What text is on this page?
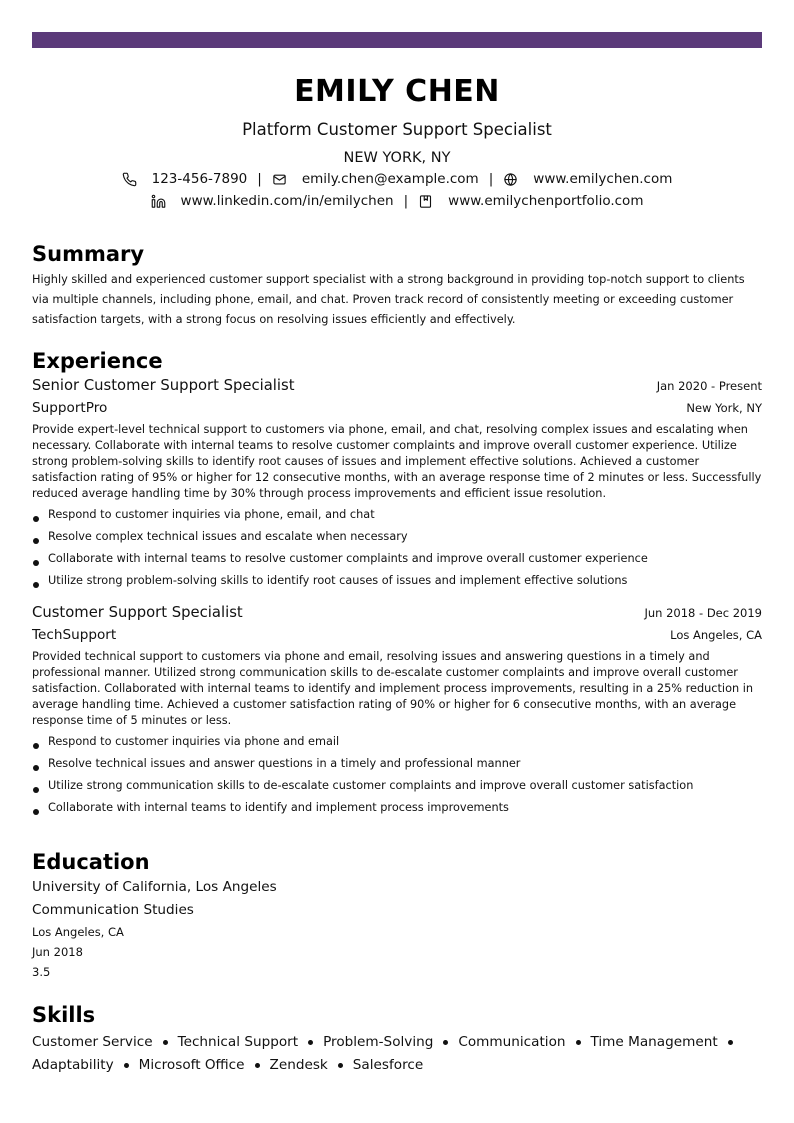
EMILY CHEN
Platform Customer Support Specialist
NEW YORK, NY
123-456-7890 |	emily.chen@example.com |	www.emilychen.com
www.linkedin.com/in/emilychen |	www.emilychenportfolio.com
Summary
Highly skilled and experienced customer support specialist with a strong background in providing top-notch support to clients via multiple channels, including phone, email, and chat. Proven track record of consistently meeting or exceeding customer satisfaction targets, with a strong focus on resolving issues efficiently and effectively.
Experience
Senior Customer Support Specialist	Jan 2020 - Present
SupportPro	New York, NY
Provide expert-level technical support to customers via phone, email, and chat, resolving complex issues and escalating when necessary. Collaborate with internal teams to resolve customer complaints and improve overall customer experience. Utilize strong problem-solving skills to identify root causes of issues and implement effective solutions. Achieved a customer satisfaction rating of 95% or higher for 12 consecutive months, with an average response time of 2 minutes or less. Successfully reduced average handling time by 30% through process improvements and efficient issue resolution.
Respond to customer inquiries via phone, email, and chat
Resolve complex technical issues and escalate when necessary
Collaborate with internal teams to resolve customer complaints and improve overall customer experience
Utilize strong problem-solving skills to identify root causes of issues and implement effective solutions
Customer Support Specialist	Jun 2018 - Dec 2019
TechSupport	Los Angeles, CA
Provided technical support to customers via phone and email, resolving issues and answering questions in a timely and professional manner. Utilized strong communication skills to de-escalate customer complaints and improve overall customer satisfaction. Collaborated with internal teams to identify and implement process improvements, resulting in a 25% reduction in average handling time. Achieved a customer satisfaction rating of 90% or higher for 6 consecutive months, with an average response time of 5 minutes or less.
Respond to customer inquiries via phone and email
Resolve technical issues and answer questions in a timely and professional manner
Utilize strong communication skills to de-escalate customer complaints and improve overall customer satisfaction
Collaborate with internal teams to identify and implement process improvements
Education
University of California, Los Angeles
Communication Studies
Los Angeles, CA
Jun 2018
3.5
Skills
Customer Service Technical Support Problem-Solving Communication Time Management
Adaptability Microsoft Office Zendesk Salesforce
